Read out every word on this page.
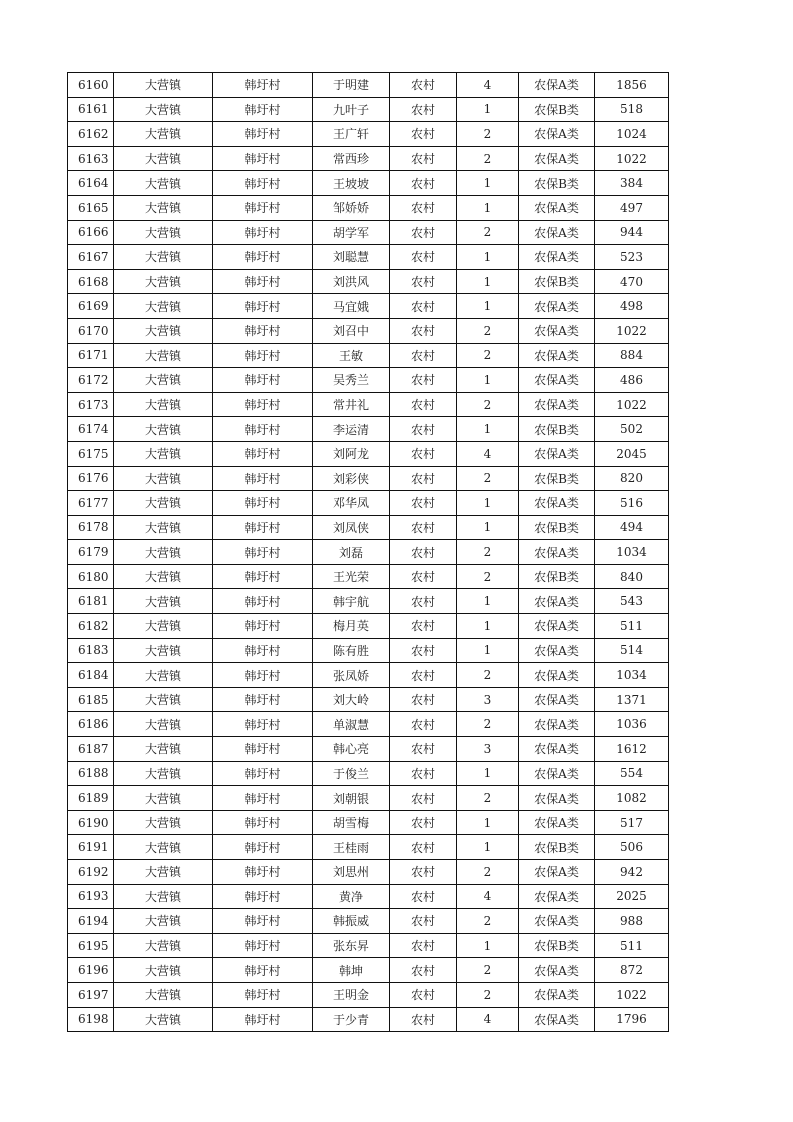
6160	大营镇	韩圩村	于明建	农村	4	农保A类	1856
6161	大营镇	韩圩村	九叶子	农村	1	农保B类	518
6162	大营镇	韩圩村	王广轩	农村	2	农保A类	1024
6163	大营镇	韩圩村	常西珍	农村	2	农保A类	1022
6164	大营镇	韩圩村	王坡坡	农村	1	农保B类	384
6165	大营镇	韩圩村	邹娇娇	农村	1	农保A类	497
6166	大营镇	韩圩村	胡学军	农村	2	农保A类	944
6167	大营镇	韩圩村	刘聪慧	农村	1	农保A类	523
6168	大营镇	韩圩村	刘洪风	农村	1	农保B类	470
6169	大营镇	韩圩村	马宜娥	农村	1	农保A类	498
6170	大营镇	韩圩村	刘召中	农村	2	农保A类	1022
6171	大营镇	韩圩村	王敏	农村	2	农保A类	884
6172	大营镇	韩圩村	吴秀兰	农村	1	农保A类	486
6173	大营镇	韩圩村	常井礼	农村	2	农保A类	1022
6174	大营镇	韩圩村	李运清	农村	1	农保B类	502
6175	大营镇	韩圩村	刘阿龙	农村	4	农保A类	2045
6176	大营镇	韩圩村	刘彩侠	农村	2	农保B类	820
6177	大营镇	韩圩村	邓华凤	农村	1	农保A类	516
6178	大营镇	韩圩村	刘凤侠	农村	1	农保B类	494
6179	大营镇	韩圩村	刘磊	农村	2	农保A类	1034
6180	大营镇	韩圩村	王光荣	农村	2	农保B类	840
6181	大营镇	韩圩村	韩宇航	农村	1	农保A类	543
6182	大营镇	韩圩村	梅月英	农村	1	农保A类	511
6183	大营镇	韩圩村	陈有胜	农村	1	农保A类	514
6184	大营镇	韩圩村	张凤娇	农村	2	农保A类	1034
6185	大营镇	韩圩村	刘大岭	农村	3	农保A类	1371
6186	大营镇	韩圩村	单淑慧	农村	2	农保A类	1036
6187	大营镇	韩圩村	韩心亮	农村	3	农保A类	1612
6188	大营镇	韩圩村	于俊兰	农村	1	农保A类	554
6189	大营镇	韩圩村	刘朝银	农村	2	农保A类	1082
6190	大营镇	韩圩村	胡雪梅	农村	1	农保A类	517
6191	大营镇	韩圩村	王桂雨	农村	1	农保B类	506
6192	大营镇	韩圩村	刘思州	农村	2	农保A类	942
6193	大营镇	韩圩村	黄净	农村	4	农保A类	2025
6194	大营镇	韩圩村	韩振威	农村	2	农保A类	988
6195	大营镇	韩圩村	张东昇	农村	1	农保B类	511
6196	大营镇	韩圩村	韩坤	农村	2	农保A类	872
6197	大营镇	韩圩村	王明金	农村	2	农保A类	1022
6198	大营镇	韩圩村	于少青	农村	4	农保A类	1796
